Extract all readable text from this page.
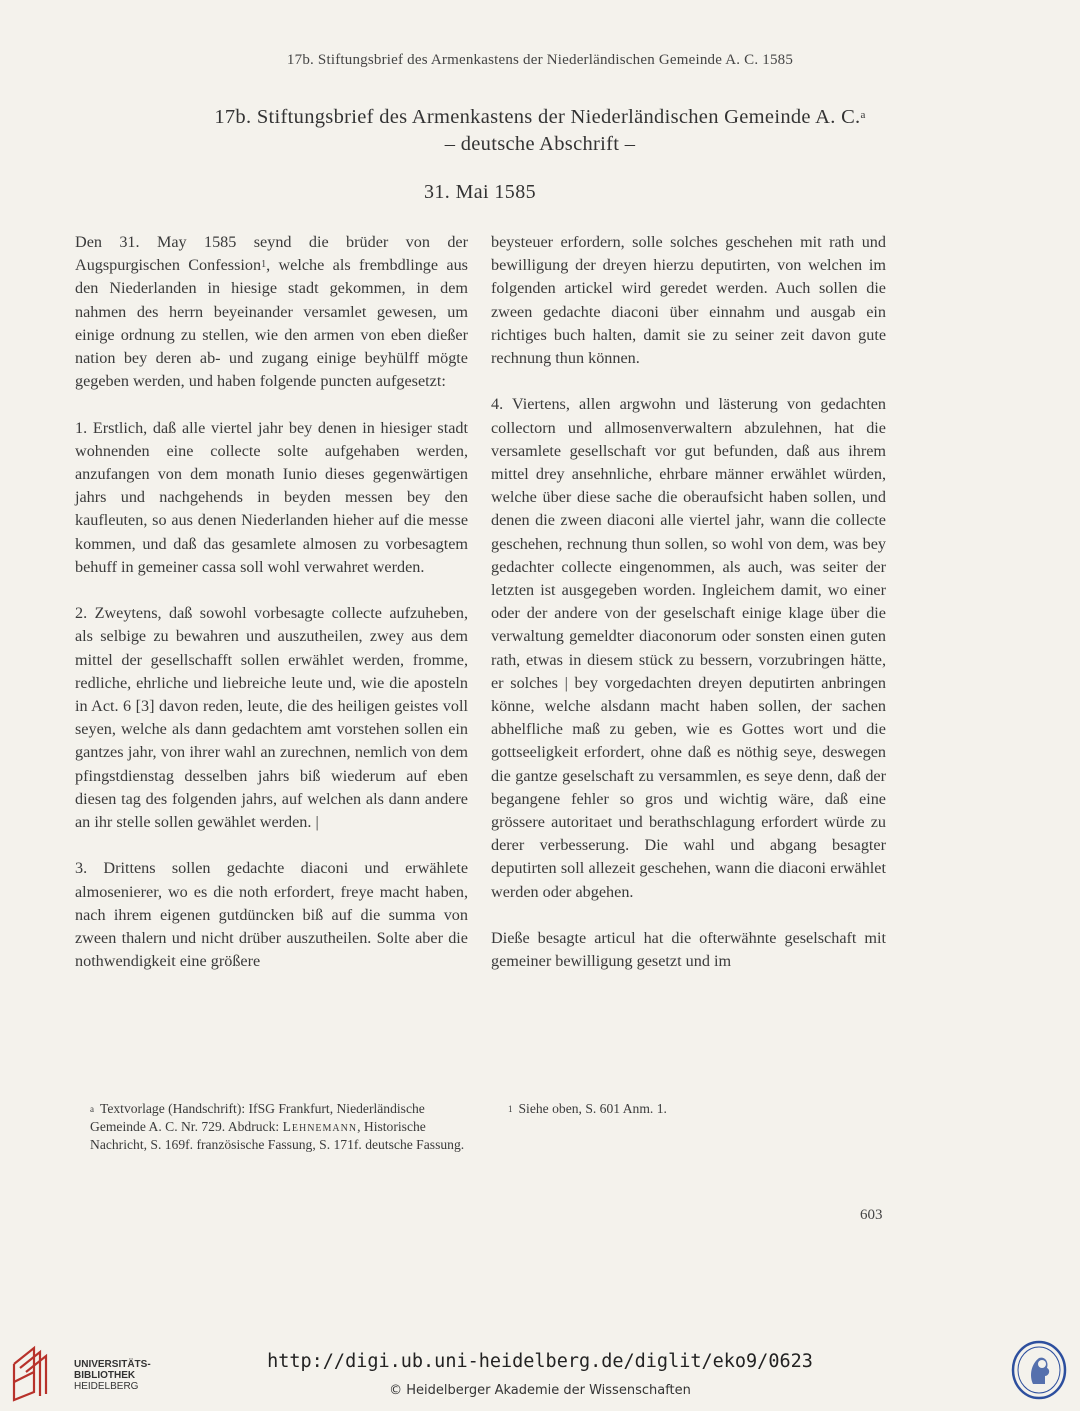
17b. Stiftungsbrief des Armenkastens der Niederländischen Gemeinde A. C. 1585
17b. Stiftungsbrief des Armenkastens der Niederländischen Gemeinde A. C.$^a$
– deutsche Abschrift –
31. Mai 1585

Den 31. May 1585 seynd die brüder von der Augspurgischen Confession$^1$, welche als frembdlinge aus den Niederlanden in hiesige stadt gekommen, in dem nahmen des herrn beyeinander versamlet gewesen, um einige ordnung zu stellen, wie den armen von eben dießer nation bey deren ab- und zugang einige beyhülff mögte gegeben werden, und haben folgende puncten aufgesetzt:

1. Erstlich, daß alle viertel jahr bey denen in hiesiger stadt wohnenden eine collecte solte aufgehaben werden, anzufangen von dem monath Iunio dieses gegenwärtigen jahrs und nachgehends in beyden messen bey den kaufleuten, so aus denen Niederlanden hieher auf die messe kommen, und daß das gesamlete almosen zu vorbesagtem behuff in gemeiner cassa soll wohl verwahret werden.

2. Zweytens, daß sowohl vorbesagte collecte aufzuheben, als selbige zu bewahren und auszutheilen, zwey aus dem mittel der gesellschafft sollen erwählet werden, fromme, redliche, ehrliche und liebreiche leute und, wie die aposteln in Act. 6 [3] davon reden, leute, die des heiligen geistes voll seyen, welche als dann gedachtem amt vorstehen sollen ein gantzes jahr, von ihrer wahl an zurechnen, nemlich von dem pfingstdienstag desselben jahrs biß wiederum auf eben diesen tag des folgenden jahrs, auf welchen als dann andere an ihr stelle sollen gewählet werden. |

3. Drittens sollen gedachte diaconi und erwählete almosenierer, wo es die noth erfordert, freye macht haben, nach ihrem eigenen gutdüncken biß auf die summa von zween thalern und nicht drüber auszutheilen. Solte aber die nothwendigkeit eine größere

beysteuer erfordern, solle solches geschehen mit rath und bewilligung der dreyen hierzu deputirten, von welchen im folgenden artickel wird geredet werden. Auch sollen die zween gedachte diaconi über einnahm und ausgab ein richtiges buch halten, damit sie zu seiner zeit davon gute rechnung thun können.

4. Viertens, allen argwohn und lästerung von gedachten collectorn und allmosenverwaltern abzulehnen, hat die versamlete gesellschaft vor gut befunden, daß aus ihrem mittel drey ansehnliche, ehrbare männer erwählet würden, welche über diese sache die oberaufsicht haben sollen, und denen die zween diaconi alle viertel jahr, wann die collecte geschehen, rechnung thun sollen, so wohl von dem, was bey gedachter collecte eingenommen, als auch, was seiter der letzten ist ausgegeben worden. Ingleichem damit, wo einer oder der andere von der geselschaft einige klage über die verwaltung gemeldter diaconorum oder sonsten einen guten rath, etwas in diesem stück zu bessern, vorzubringen hätte, er solches | bey vorgedachten dreyen deputirten anbringen könne, welche alsdann macht haben sollen, der sachen abhelfliche maß zu geben, wie es Gottes wort und die gottseeligkeit erfordert, ohne daß es nöthig seye, deswegen die gantze geselschaft zu versammlen, es seye denn, daß der begangene fehler so gros und wichtig wäre, daß eine grössere autoritaet und berathschlagung erfordert würde zu derer verbesserung. Die wahl und abgang besagter deputirten soll allezeit geschehen, wann die diaconi erwählet werden oder abgehen.

Dieße besagte articul hat die ofterwähnte geselschaft mit gemeiner bewilligung gesetzt und im

$^a$ Textvorlage (Handschrift): IfSG Frankfurt, Niederländische Gemeinde A. C. Nr. 729. Abdruck: Lehnemann, Historische Nachricht, S. 169f. französische Fassung, S. 171f. deutsche Fassung.
$^1$ Siehe oben, S. 601 Anm. 1.
603
UNIVERSITÄTS-
BIBLIOTHEK
HEIDELBERG
http://digi.ub.uni-heidelberg.de/diglit/eko9/0623
© Heidelberger Akademie der Wissenschaften
